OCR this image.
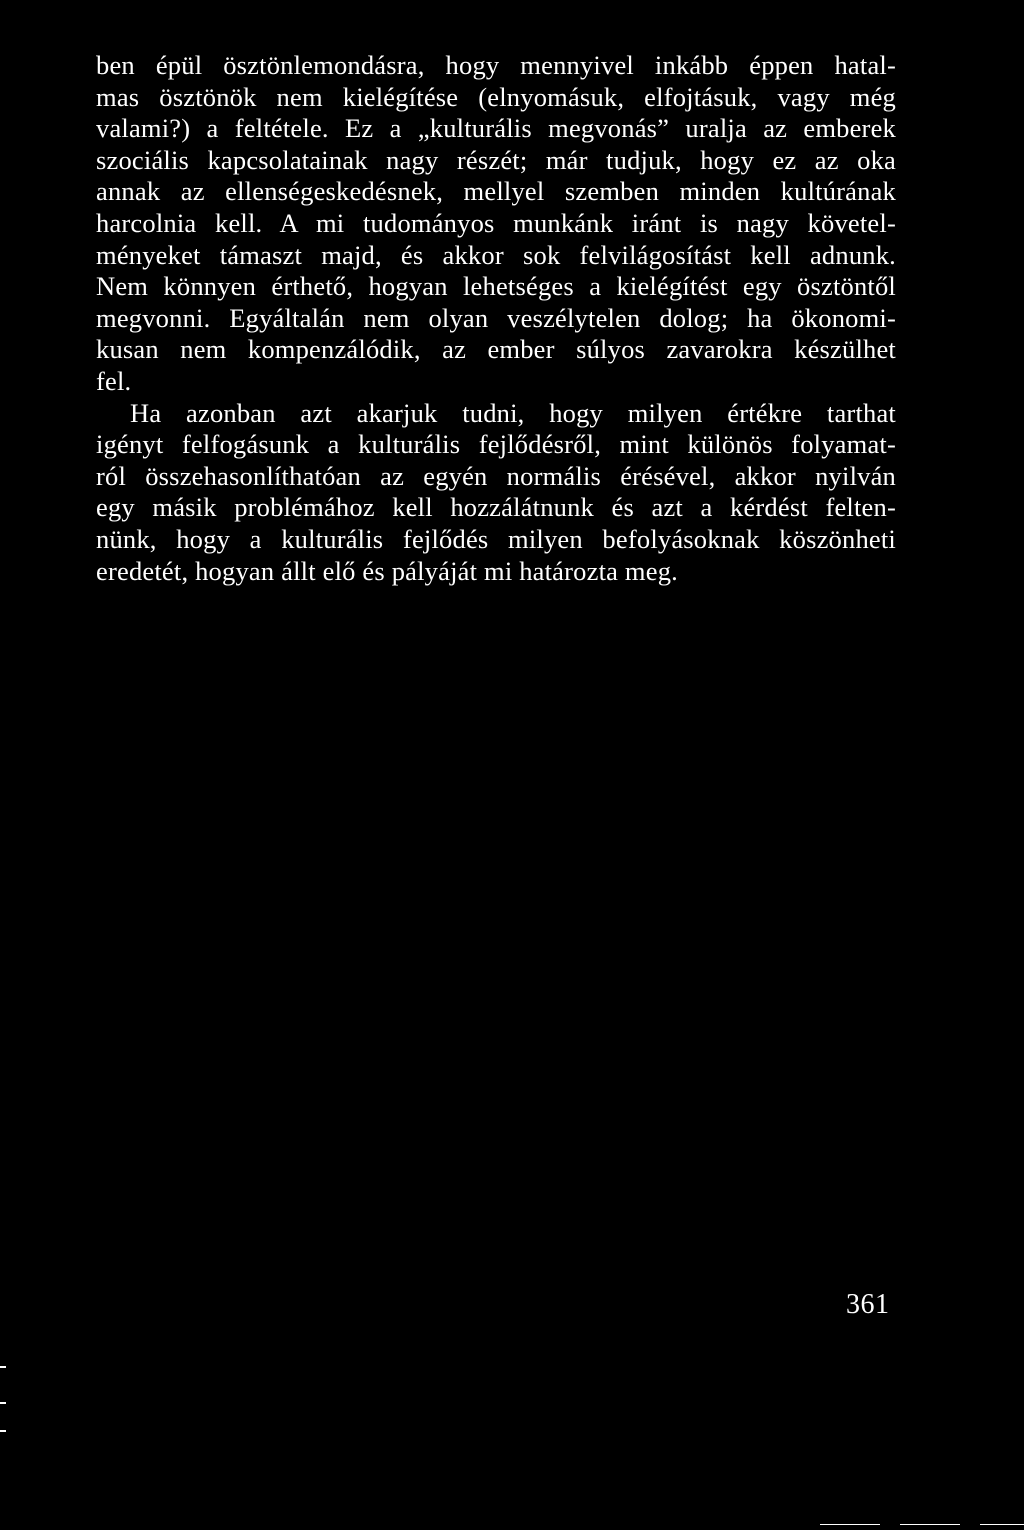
ben épül ösztönlemondásra, hogy mennyivel inkább éppen hatal-
mas ösztönök nem kielégítése (elnyomásuk, elfojtásuk, vagy még
valami?) a feltétele. Ez a „kulturális megvonás” uralja az emberek
szociális kapcsolatainak nagy részét; már tudjuk, hogy ez az oka
annak az ellenségeskedésnek, mellyel szemben minden kultúrának
harcolnia kell. A mi tudományos munkánk iránt is nagy követel-
ményeket támaszt majd, és akkor sok felvilágosítást kell adnunk.
Nem könnyen érthető, hogyan lehetséges a kielégítést egy ösztöntől
megvonni. Egyáltalán nem olyan veszélytelen dolog; ha ökonomi-
kusan nem kompenzálódik, az ember súlyos zavarokra készülhet
fel.
Ha azonban azt akarjuk tudni, hogy milyen értékre tarthat
igényt felfogásunk a kulturális fejlődésről, mint különös folyamat-
ról összehasonlíthatóan az egyén normális érésével, akkor nyilván
egy másik problémához kell hozzálátnunk és azt a kérdést felten-
nünk, hogy a kulturális fejlődés milyen befolyásoknak köszönheti
eredetét, hogyan állt elő és pályáját mi határozta meg.
361
